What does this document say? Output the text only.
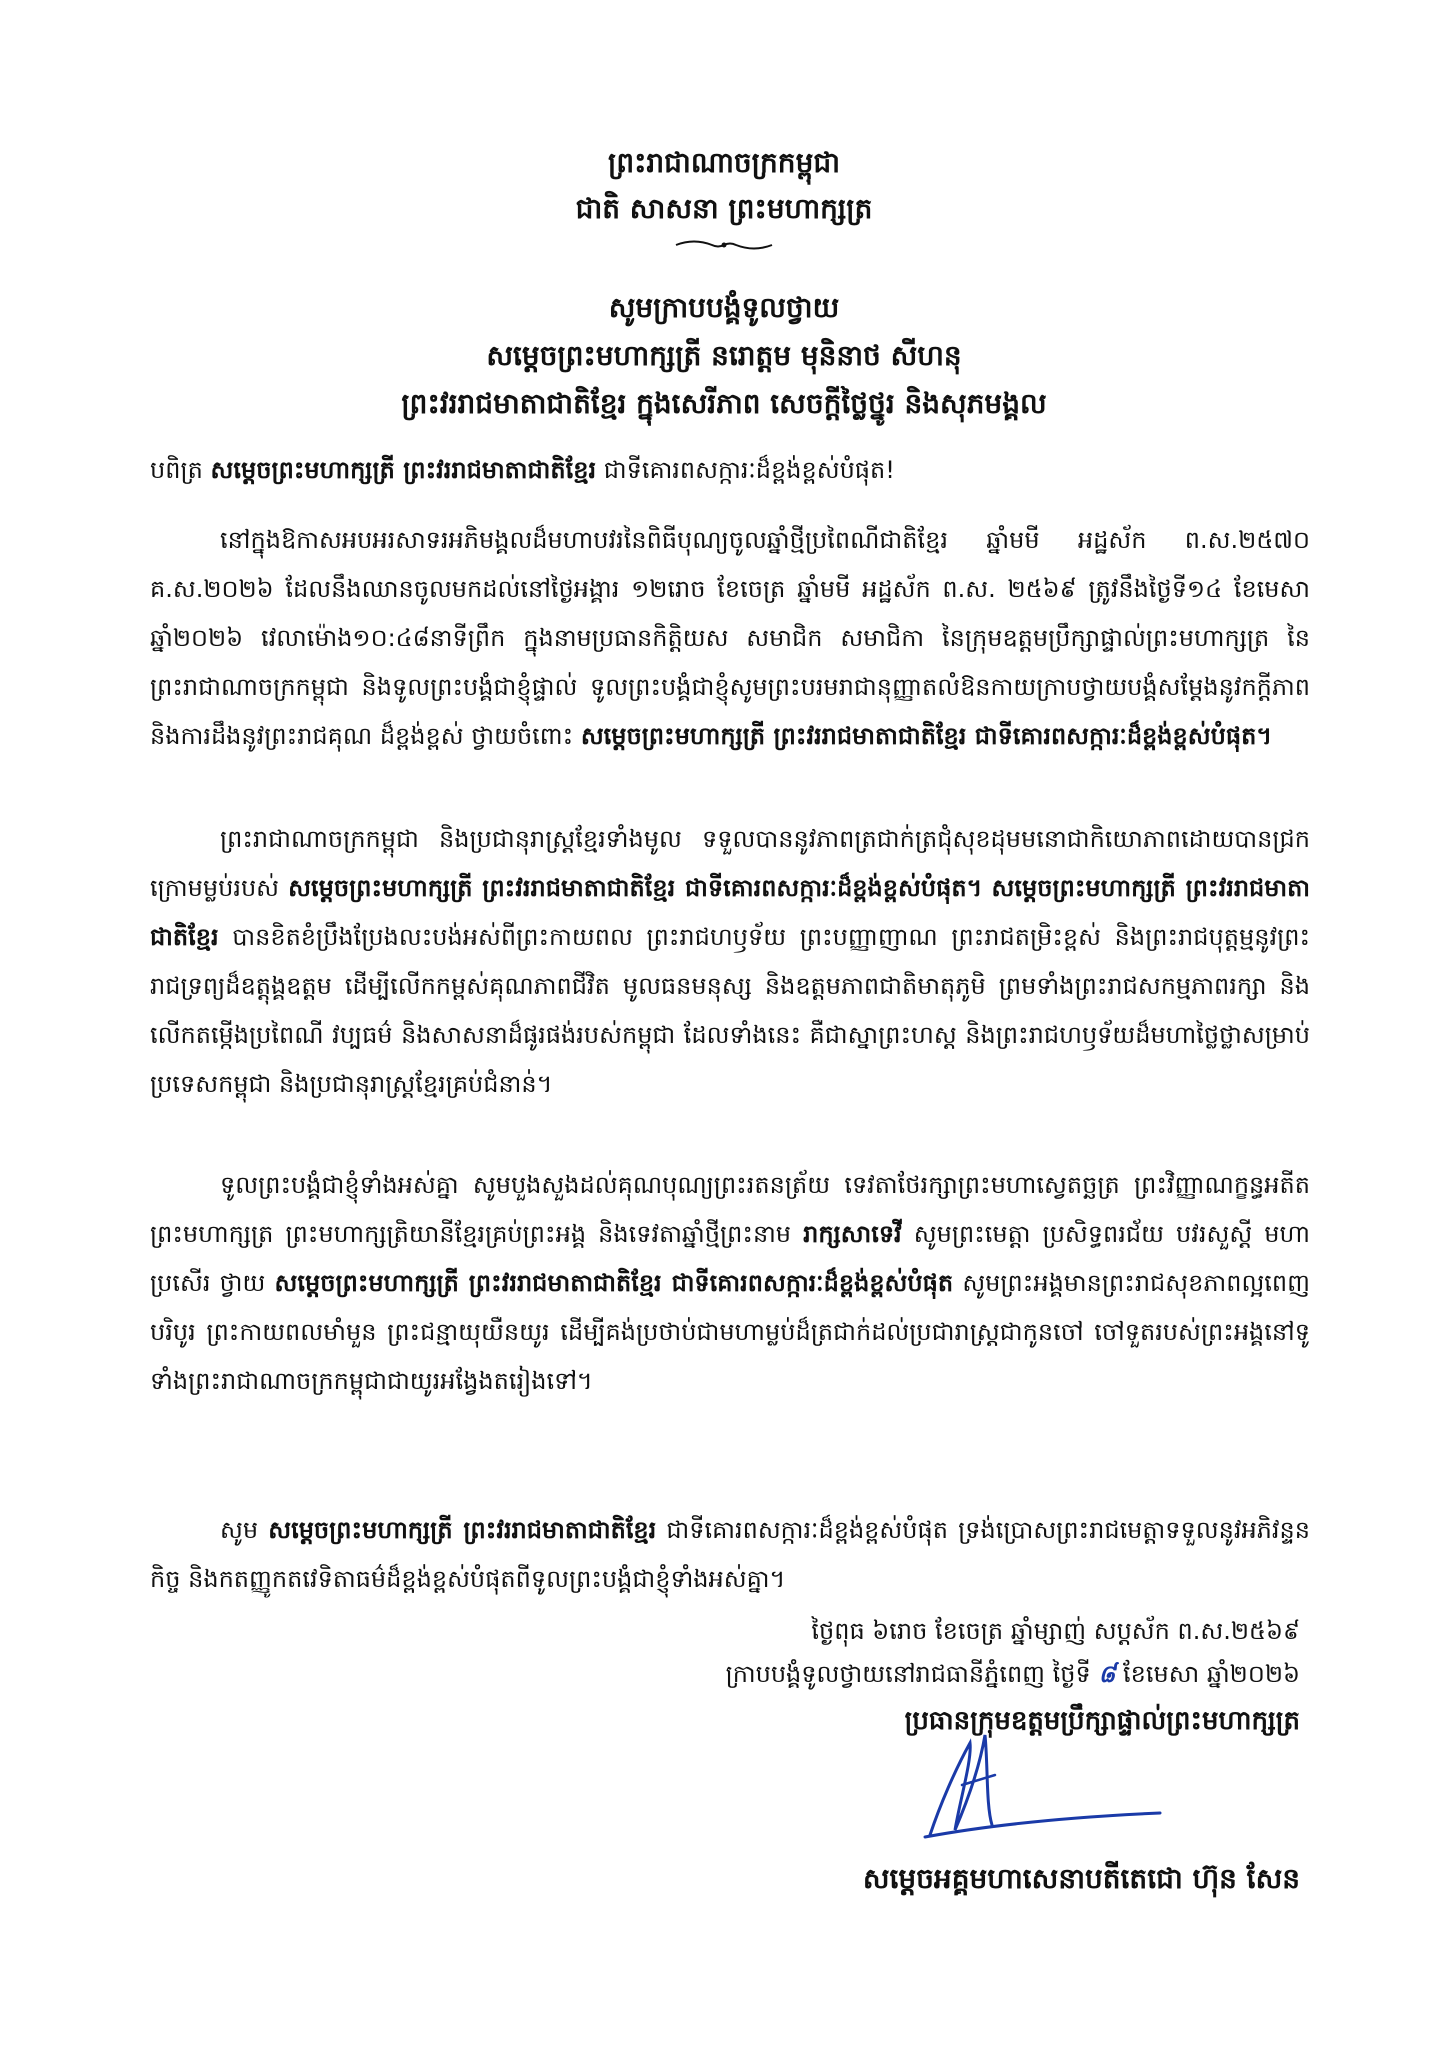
ព្រះរាជាណាចក្រកម្ពុជា
ជាតិ សាសនា ព្រះមហាក្សត្រ
សូមក្រាបបង្គំទូលថ្វាយ
សម្តេចព្រះមហាក្សត្រី នរោត្តម មុនិនាថ សីហនុ
ព្រះវររាជមាតាជាតិខ្មែរ ក្នុងសេរីភាព សេចក្តីថ្លៃថ្នូរ និងសុភមង្គល
បពិត្រ សម្តេចព្រះមហាក្សត្រី ព្រះវររាជមាតាជាតិខ្មែរ ជាទីគោរពសក្ការៈដ៏ខ្ពង់ខ្ពស់បំផុត!
នៅក្នុងឱកាសអបអរសាទរអភិមង្គលដ៏មហាបវរនៃពិធីបុណ្យចូលឆ្នាំថ្មីប្រពៃណីជាតិខ្មែរ ឆ្នាំមមី អដ្ឋស័ក ព.ស.២៥៧០ គ.ស.២០២៦ ដែលនឹងឈានចូលមកដល់នៅថ្ងៃអង្គារ ១២រោច ខែចេត្រ ឆ្នាំមមី អដ្ឋស័ក ព.ស. ២៥៦៩ ត្រូវនឹងថ្ងៃទី១៤ ខែមេសា ឆ្នាំ២០២៦ វេលាម៉ោង១០:៤៨នាទីព្រឹក ក្នុងនាមប្រធានកិត្តិយស សមាជិក សមាជិកា នៃក្រុមឧត្តមប្រឹក្សាផ្ទាល់ព្រះមហាក្សត្រ នៃព្រះរាជាណាចក្រកម្ពុជា និងទូលព្រះបង្គំជាខ្ញុំផ្ទាល់ ទូលព្រះបង្គំជាខ្ញុំសូមព្រះបរមរាជានុញ្ញាតលំឱនកាយក្រាបថ្វាយបង្គំសម្តែងនូវកក្តីភាព និងការដឹងនូវព្រះរាជគុណ ដ៏ខ្ពង់ខ្ពស់ ថ្វាយចំពោះ សម្តេចព្រះមហាក្សត្រី ព្រះវររាជមាតាជាតិខ្មែរ ជាទីគោរពសក្ការៈដ៏ខ្ពង់ខ្ពស់បំផុត។
ព្រះរាជាណាចក្រកម្ពុជា និងប្រជានុរាស្ត្រខ្មែរទាំងមូល ទទួលបាននូវភាពត្រជាក់ត្រជុំសុខដុមមនោជាកិយោភាពដោយបានជ្រកក្រោមម្លប់របស់ សម្តេចព្រះមហាក្សត្រី ព្រះវររាជមាតាជាតិខ្មែរ ជាទីគោរពសក្ការៈដ៏ខ្ពង់ខ្ពស់បំផុត។ សម្តេចព្រះមហាក្សត្រី ព្រះវររាជមាតាជាតិខ្មែរ បានខិតខំប្រឹងប្រែងលះបង់អស់ពីព្រះកាយពល ព្រះរាជហឫទ័យ ព្រះបញ្ញាញាណ ព្រះរាជតម្រិះខ្ពស់ និងព្រះរាជបុត្តម្មនូវព្រះរាជទ្រព្យដ៏ឧត្តុង្គឧត្តម ដើម្បីលើកកម្ពស់គុណភាពជីវិត មូលធនមនុស្ស និងឧត្តមភាពជាតិមាតុភូមិ ព្រមទាំងព្រះរាជសកម្មភាពរក្សា និងលើកតម្កើងប្រពៃណី វប្បធម៌ និងសាសនាដ៏ផូរផង់របស់កម្ពុជា ដែលទាំងនេះ គឺជាស្នាព្រះហស្ត និងព្រះរាជហឫទ័យដ៏មហាថ្លៃថ្លាសម្រាប់ប្រទេសកម្ពុជា និងប្រជានុរាស្ត្រខ្មែរគ្រប់ជំនាន់។
ទូលព្រះបង្គំជាខ្ញុំទាំងអស់គ្នា សូមបួងសួងដល់គុណបុណ្យព្រះរតនត្រ័យ ទេវតាថែរក្សាព្រះមហាស្វេតច្ឆត្រ ព្រះវិញ្ញាណក្ខន្ធអតីតព្រះមហាក្សត្រ ព្រះមហាក្សត្រិយានីខ្មែរគ្រប់ព្រះអង្គ និងទេវតាឆ្នាំថ្មីព្រះនាម រាក្សសាទេវី សូមព្រះមេត្តា ប្រសិទ្ធពរជ័យ បវរសួស្តី មហាប្រសើរ ថ្វាយ សម្តេចព្រះមហាក្សត្រី ព្រះវររាជមាតាជាតិខ្មែរ ជាទីគោរពសក្ការៈដ៏ខ្ពង់ខ្ពស់បំផុត សូមព្រះអង្គមានព្រះរាជសុខភាពល្អពេញបរិបូរ ព្រះកាយពលមាំមួន ព្រះជន្មាយុយឺនយូរ ដើម្បីគង់ប្រថាប់ជាមហាម្លប់ដ៏ត្រជាក់ដល់ប្រជារាស្ត្រជាកូនចៅ ចៅទួតរបស់ព្រះអង្គនៅទូទាំងព្រះរាជាណាចក្រកម្ពុជាជាយូរអង្វែងតរៀងទៅ។
សូម សម្តេចព្រះមហាក្សត្រី ព្រះវររាជមាតាជាតិខ្មែរ ជាទីគោរពសក្ការៈដ៏ខ្ពង់ខ្ពស់បំផុត ទ្រង់ប្រោសព្រះរាជមេត្តាទទួលនូវអភិវន្ទនកិច្ច និងកតញ្ញូកតវេទិតាធម៌ដ៏ខ្ពង់ខ្ពស់បំផុតពីទូលព្រះបង្គំជាខ្ញុំទាំងអស់គ្នា។
ថ្ងៃពុធ ៦រោច ខែចេត្រ ឆ្នាំម្សាញ់ សប្តស័ក ព.ស.២៥៦៩
ក្រាបបង្គំទូលថ្វាយនៅរាជធានីភ្នំពេញ ថ្ងៃទី ៨ ខែមេសា ឆ្នាំ២០២៦
ប្រធានក្រុមឧត្តមប្រឹក្សាផ្ទាល់ព្រះមហាក្សត្រ
សម្តេចអគ្គមហាសេនាបតីតេជោ ហ៊ុន សែន
